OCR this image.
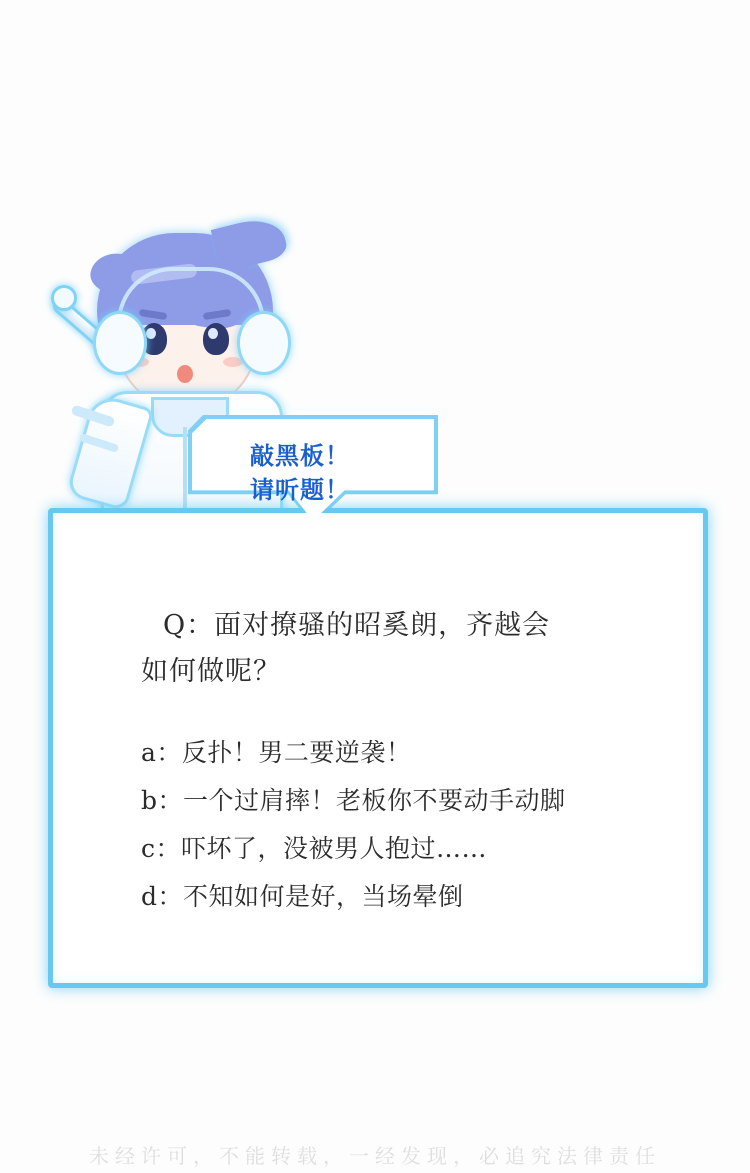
敲黑板！
请听题！
Q：面对撩骚的昭奚朗，齐越会
如何做呢？
a：反扑！男二要逆袭！
b：一个过肩摔！老板你不要动手动脚
c：吓坏了，没被男人抱过……
d：不知如何是好，当场晕倒
未经许可，不能转载，一经发现，必追究法律责任
